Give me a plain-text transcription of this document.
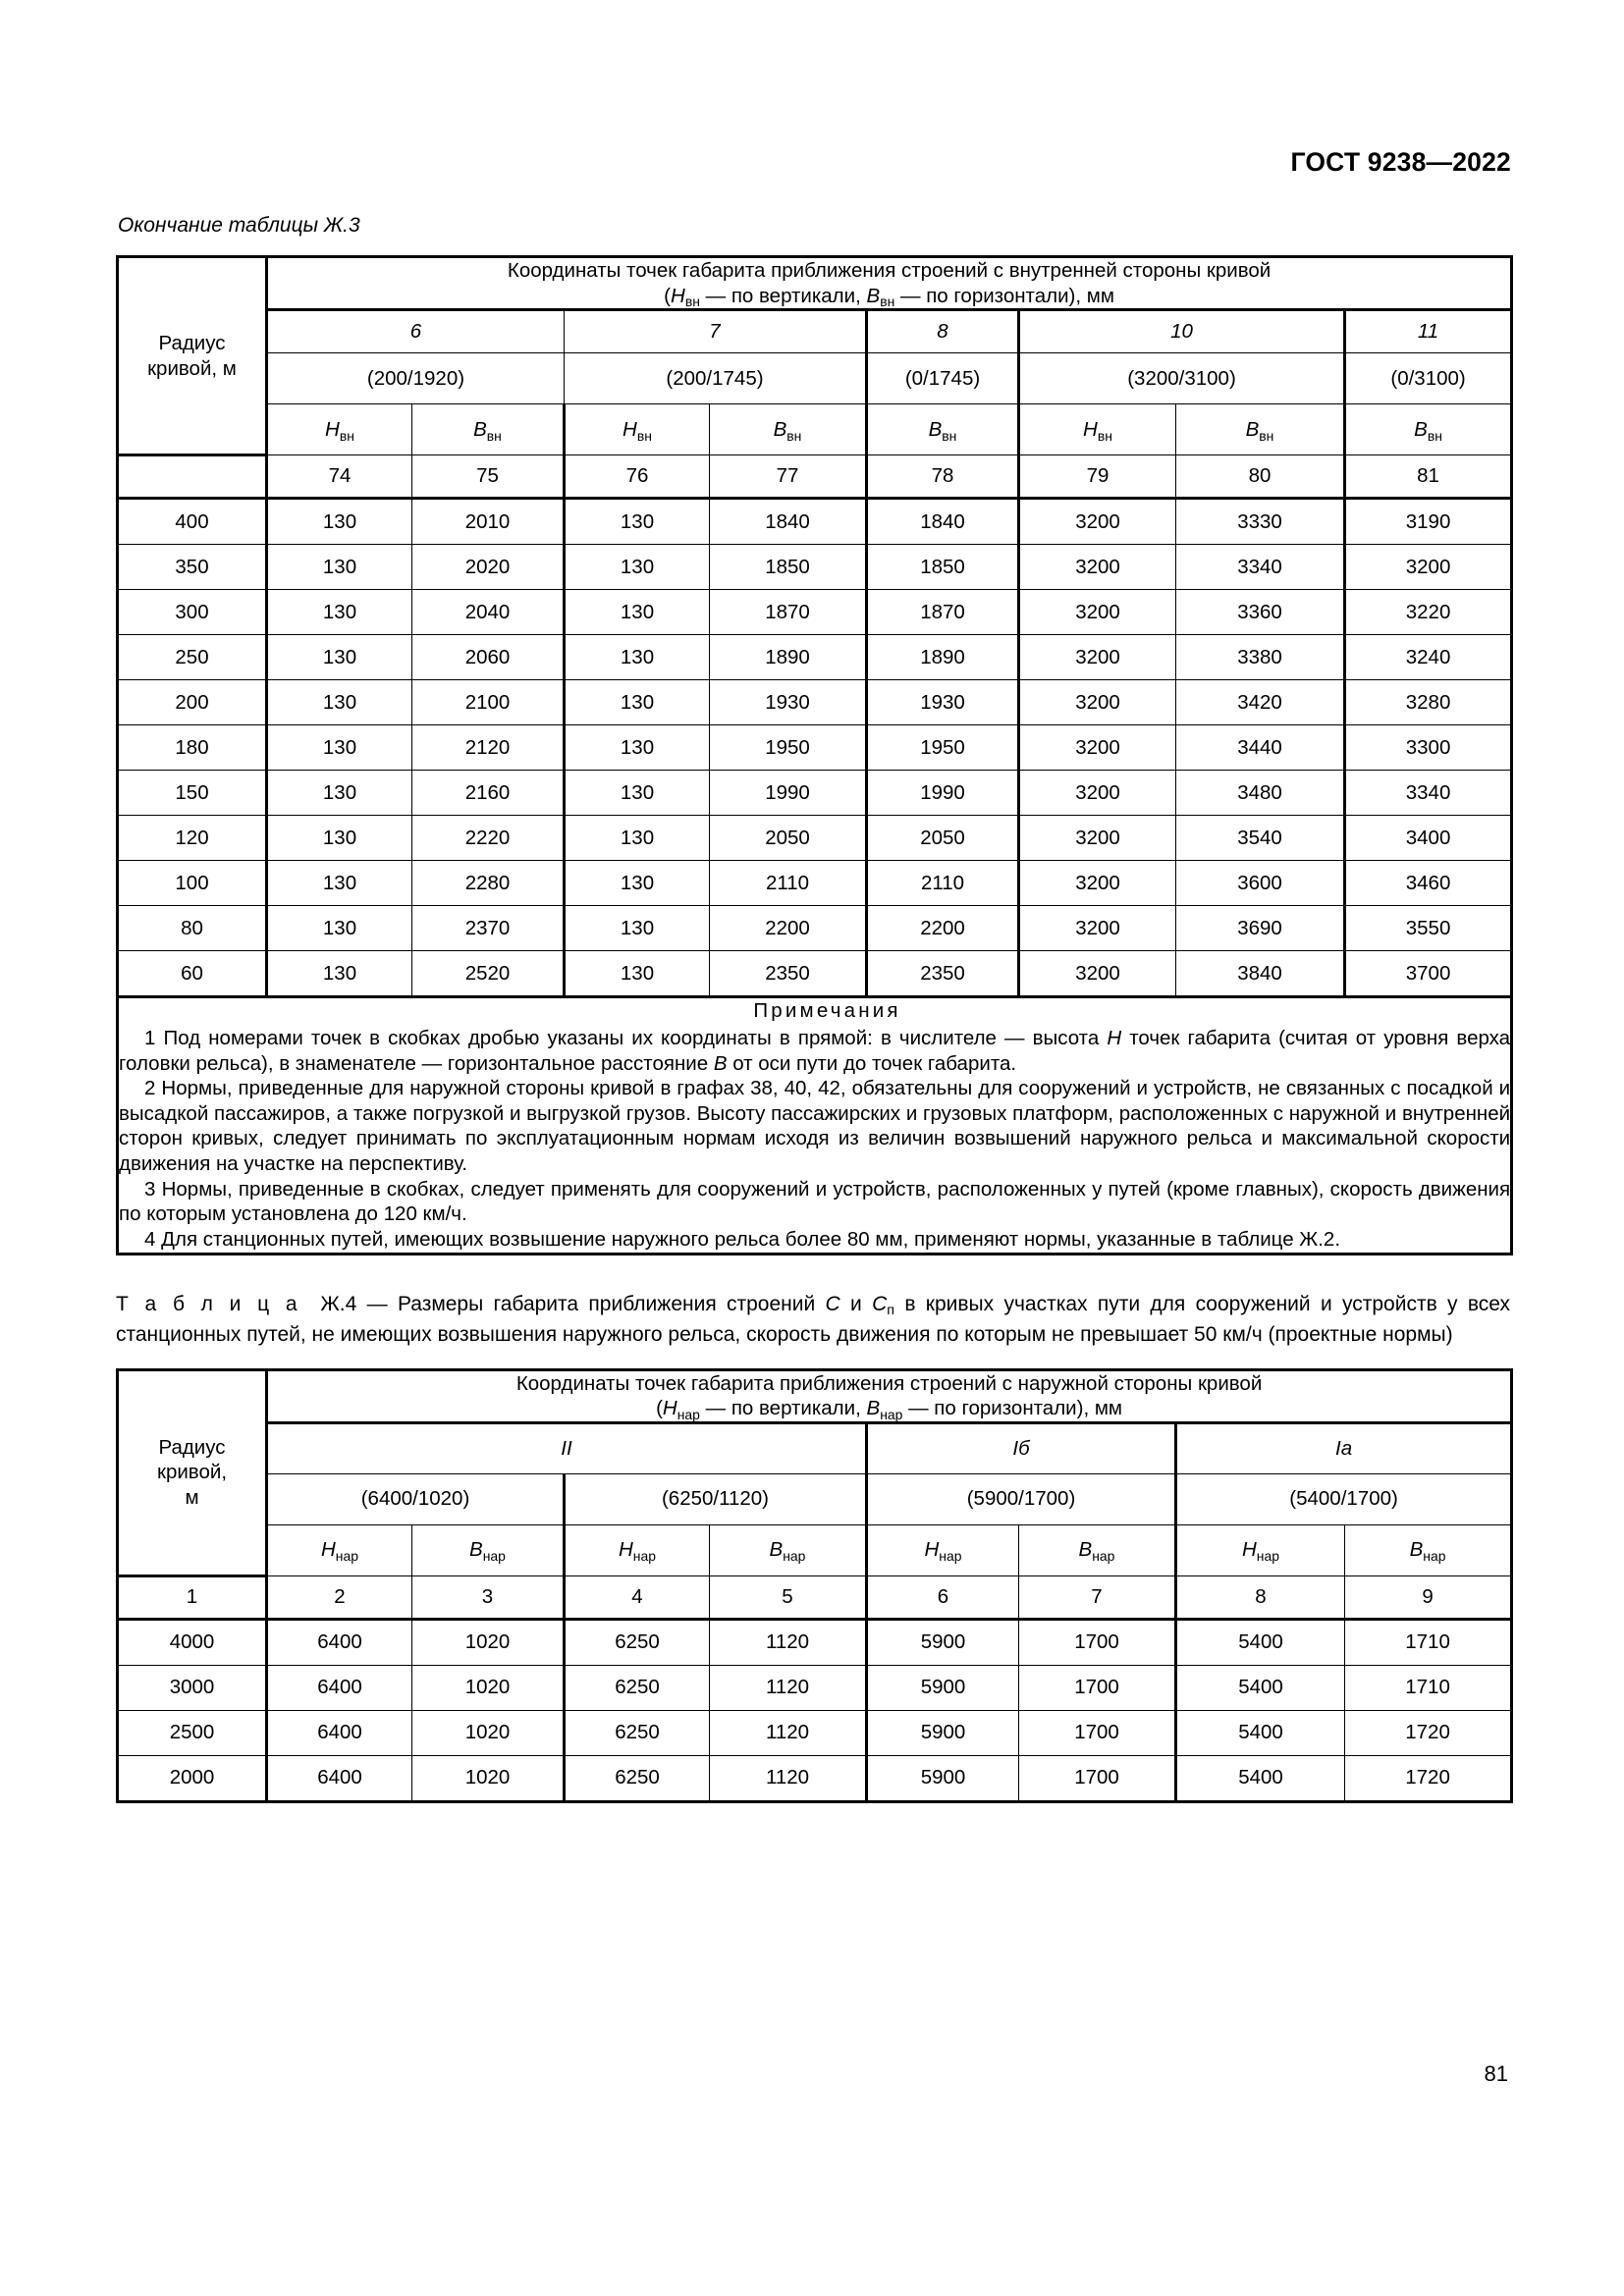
ГОСТ 9238—2022
Окончание таблицы Ж.3
Радиус
кривой, м	Координаты точек габарита приближения строений с внутренней стороны кривой
($H_{вн}$ — по вертикали, $B_{вн}$ — по горизонтали), мм							
	6		7		8	10		11
	(200/1920)		(200/1745)		(0/1745)	(3200/3100)		(0/3100)
	$H_{вн}$	$B_{вн}$	$H_{вн}$	$B_{вн}$	$B_{вн}$	$H_{вн}$	$B_{вн}$	$B_{вн}$
	74	75	76	77	78	79	80	81
400	130	2010	130	1840	1840	3200	3330	3190
350	130	2020	130	1850	1850	3200	3340	3200
300	130	2040	130	1870	1870	3200	3360	3220
250	130	2060	130	1890	1890	3200	3380	3240
200	130	2100	130	1930	1930	3200	3420	3280
180	130	2120	130	1950	1950	3200	3440	3300
150	130	2160	130	1990	1990	3200	3480	3340
120	130	2220	130	2050	2050	3200	3540	3400
100	130	2280	130	2110	2110	3200	3600	3460
80	130	2370	130	2200	2200	3200	3690	3550
60	130	2520	130	2350	2350	3200	3840	3700

Примечания

1 Под номерами точек в скобках дробью указаны их координаты в прямой: в числителе — высота H точек габарита (считая от уровня верха головки рельса), в знаменателе — горизонтальное расстояние B от оси пути до точек габарита.

2 Нормы, приведенные для наружной стороны кривой в графах 38, 40, 42, обязательны для сооружений и устройств, не связанных с посадкой и высадкой пассажиров, а также погрузкой и выгрузкой грузов. Высоту пассажирских и грузовых платформ, расположенных с наружной и внутренней сторон кривых, следует принимать по эксплуатационным нормам исходя из величин возвышений наружного рельса и максимальной скорости движения на участке на перспективу.

3 Нормы, приведенные в скобках, следует применять для сооружений и устройств, расположенных у путей (кроме главных), скорость движения по которым установлена до 120 км/ч.

4 Для станционных путей, имеющих возвышение наружного рельса более 80 мм, применяют нормы, указанные в таблице Ж.2.								

Т а б л и ц а Ж.4 — Размеры габарита приближения строений C и $C_п$ в кривых участках пути для сооружений и устройств у всех станционных путей, не имеющих возвышения наружного рельса, скорость движения по которым не превышает 50 км/ч (проектные нормы)
Радиус
кривой,
м	Координаты точек габарита приближения строений с наружной стороны кривой
($H_{нар}$ — по вертикали, $B_{нар}$ — по горизонтали), мм							
	II				Iб		Iа	
	(6400/1020)		(6250/1120)		(5900/1700)		(5400/1700)	
	$H_{нар}$	$B_{нар}$	$H_{нар}$	$B_{нар}$	$H_{нар}$	$B_{нар}$	$H_{нар}$	$B_{нар}$
1	2	3	4	5	6	7	8	9
4000	6400	1020	6250	1120	5900	1700	5400	1710
3000	6400	1020	6250	1120	5900	1700	5400	1710
2500	6400	1020	6250	1120	5900	1700	5400	1720
2000	6400	1020	6250	1120	5900	1700	5400	1720
81
